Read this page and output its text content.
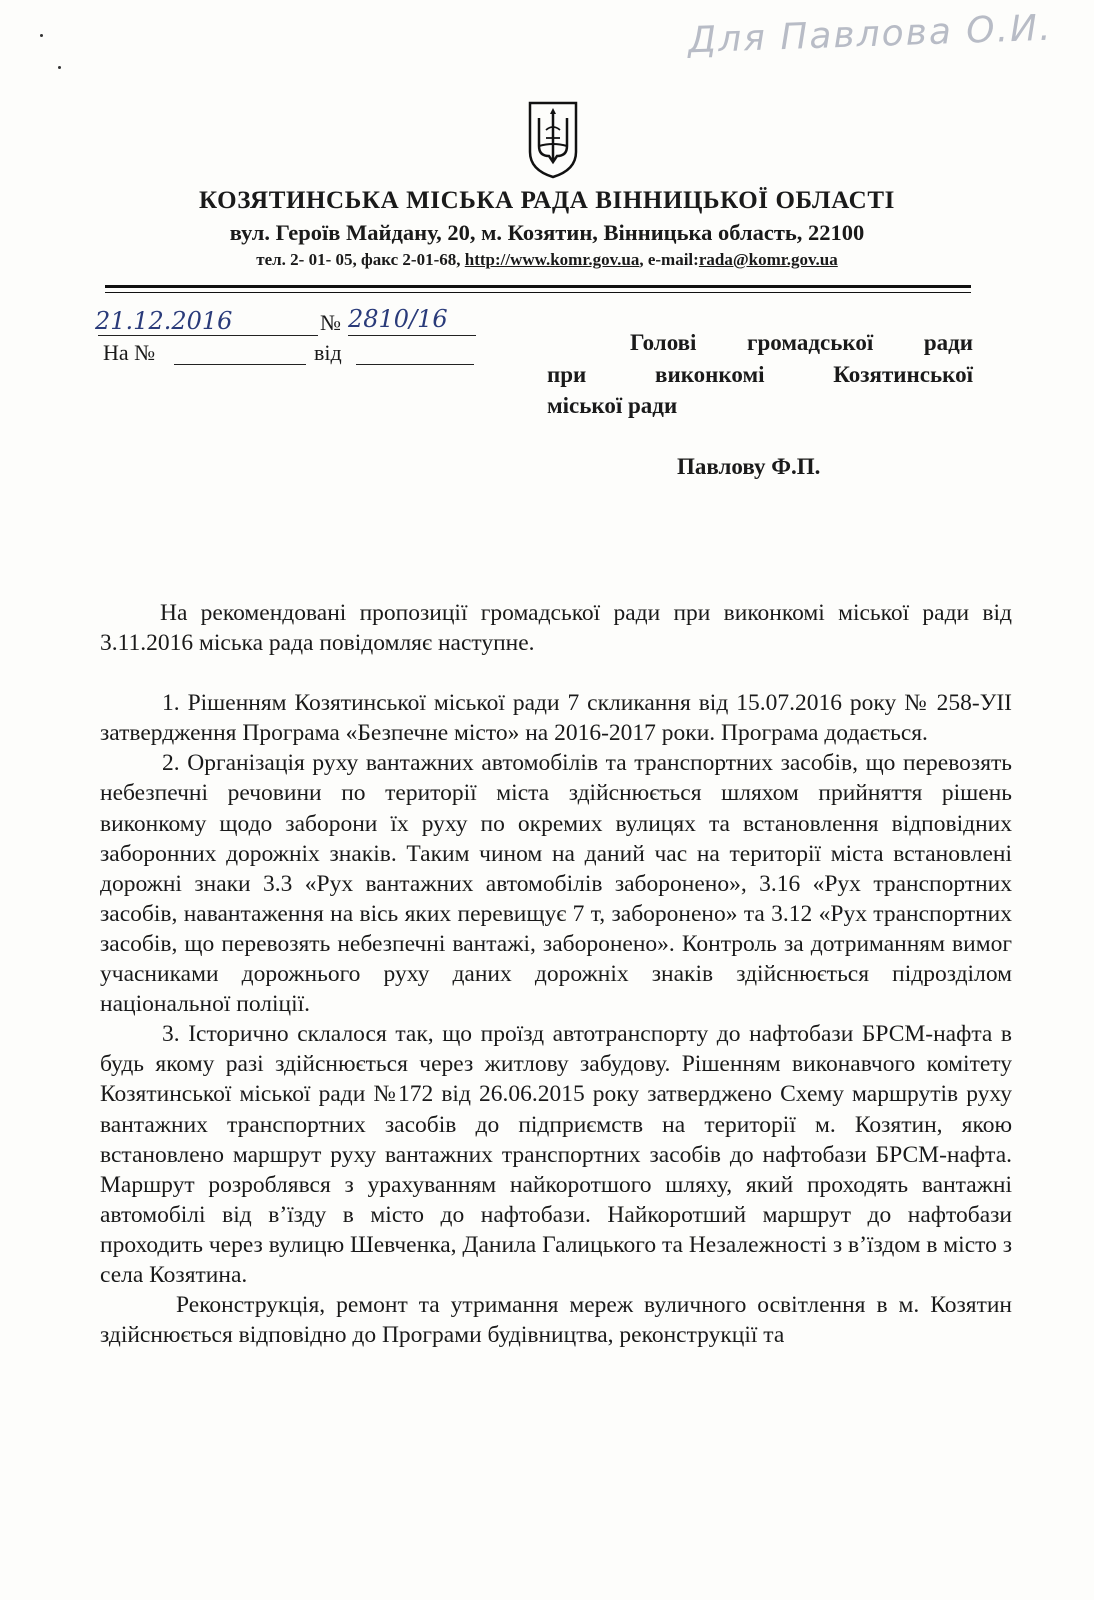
Для Павлова О.И.
КОЗЯТИНСЬКА МІСЬКА РАДА ВІННИЦЬКОЇ ОБЛАСТІ
вул. Героїв Майдану, 20, м. Козятин, Вінницька область, 22100
тел. 2- 01- 05, факс 2-01-68, http://www.komr.gov.ua, e-mail:rada@komr.gov.ua
21.12.2016	№ 2810/16
На №	від	Голові громадської ради
при виконкомі Козятинської
міської ради
Павлову Ф.П.

На рекомендовані пропозиції громадської ради при виконкомі міської ради від 3.11.2016 міська рада повідомляє наступне.

1. Рішенням Козятинської міської ради 7 скликання від 15.07.2016 року № 258-УІІ затвердження Програма «Безпечне місто» на 2016-2017 роки. Програма додається.

2. Організація руху вантажних автомобілів та транспортних засобів, що перевозять небезпечні речовини по території міста здійснюється шляхом прийняття рішень виконкому щодо заборони їх руху по окремих вулицях та встановлення відповідних заборонних дорожніх знаків. Таким чином на даний час на території міста встановлені дорожні знаки 3.3 «Рух вантажних автомобілів заборонено», 3.16 «Рух транспортних засобів, навантаження на вісь яких перевищує 7 т, заборонено» та 3.12 «Рух транспортних засобів, що перевозять небезпечні вантажі, заборонено». Контроль за дотриманням вимог учасниками дорожнього руху даних дорожніх знаків здійснюється підрозділом національної поліції.

3. Історично склалося так, що проїзд автотранспорту до нафтобази БРСМ-нафта в будь якому разі здійснюється через житлову забудову. Рішенням виконавчого комітету Козятинської міської ради №172 від 26.06.2015 року затверджено Схему маршрутів руху вантажних транспортних засобів до підприємств на території м. Козятин, якою встановлено маршрут руху вантажних транспортних засобів до нафтобази БРСМ-нафта. Маршрут розроблявся з урахуванням найкоротшого шляху, який проходять вантажні автомобілі від в’їзду в місто до нафтобази. Найкоротший маршрут до нафтобази проходить через вулицю Шевченка, Данила Галицького та Незалежності з в’їздом в місто з села Козятина.

Реконструкція, ремонт та утримання мереж вуличного освітлення в м. Козятин здійснюється відповідно до Програми будівництва, реконструкції та
